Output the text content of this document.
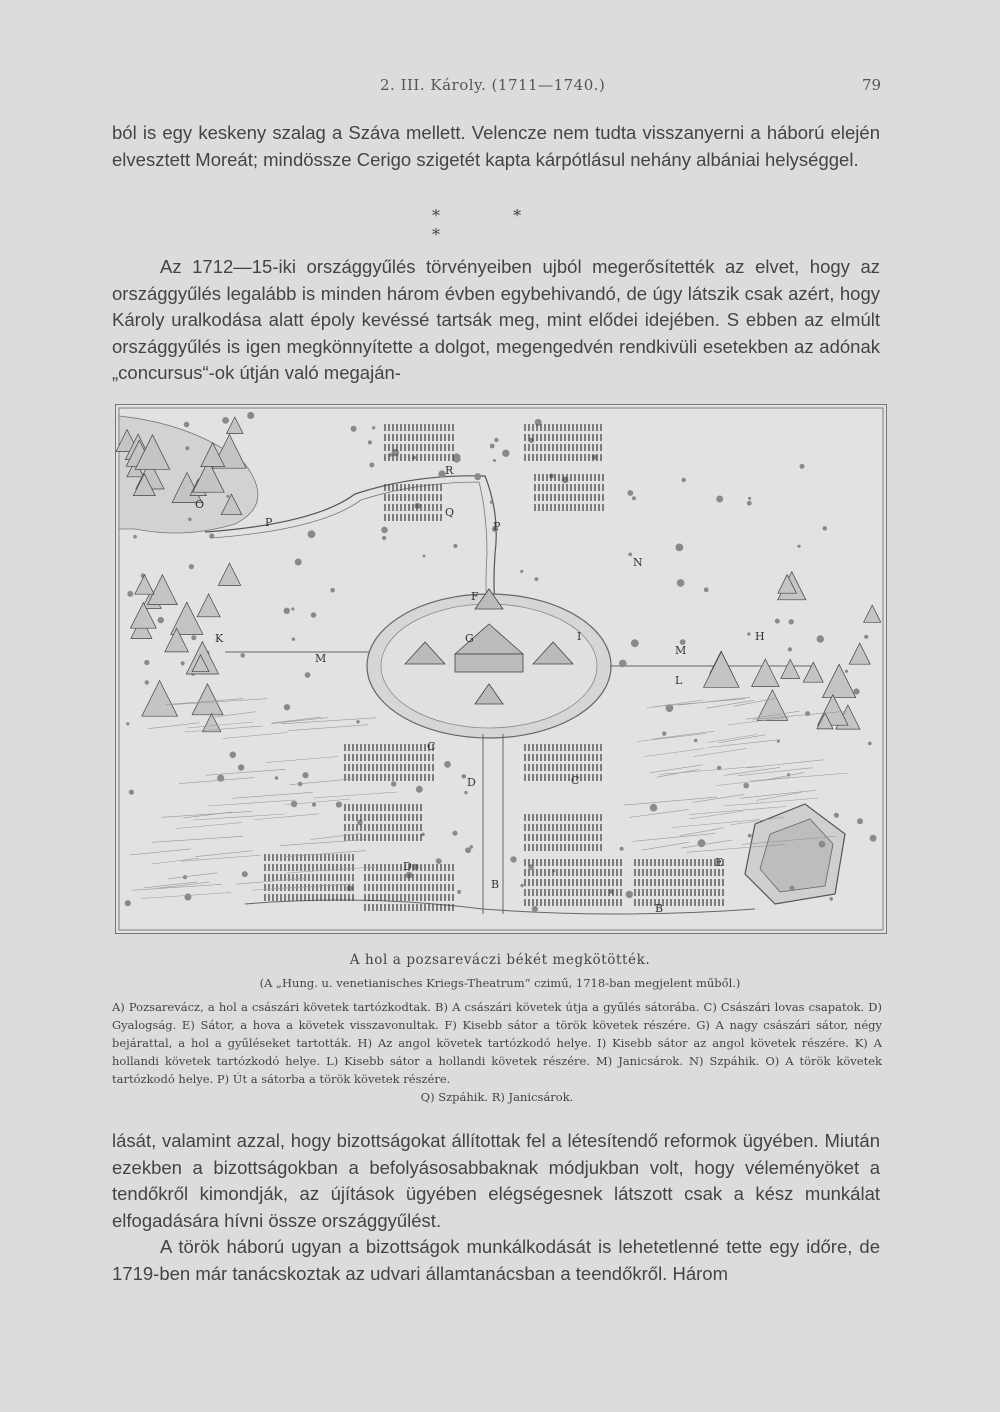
2. III. Károly. (1711—1740.)	79

ból is egy keskeny szalag a Száva mellett. Velencze nem tudta visszanyerni a háború elején elvesztett Moreát; mindössze Cerigo szigetét kapta kárpótlásul nehány albániai helységgel.

* * *

Az 1712—15-iki országgyűlés törvényeiben ujból megerősítették az elvet, hogy az országgyűlés legalább is minden három évben egybehivandó, de úgy látszik csak azért, hogy Károly uralkodása alatt époly kevéssé tartsák meg, mint elődei idejében. S ebben az elmúlt országgyűlés is igen megkönnyítette a dolgot, megengedvén rendkivüli esetekben az adónak „concursus“-ok útján való megaján-

P	P
N
F
G	I
K
M
H
M
C
C
D
D
B
B
O
R
Q
E
L
A hol a pozsareváczi békét megkötötték.
(A „Hung. u. venetianisches Kriegs-Theatrum“ czimű, 1718-ban megjelent műből.)
A) Pozsarevácz, a hol a császári követek tartózkodtak. B) A császári követek útja a gyűlés sátorába. C) Császári lovas csapatok. D) Gyalogság. E) Sátor, a hova a követek visszavonultak. F) Kisebb sátor a török követek részére. G) A nagy császári sátor, négy bejárattal, a hol a gyűléseket tartották. H) Az angol követek tartózkodó helye. I) Kisebb sátor az angol követek részére. K) A hollandi követek tartózkodó helye. L) Kisebb sátor a hollandi követek részére. M) Janicsárok. N) Szpáhik. O) A török követek tartózkodó helye. P) Út a sátorba a török követek részére.
Q) Szpáhik. R) Janicsárok.

lását, valamint azzal, hogy bizottságokat állítottak fel a létesítendő reformok ügyében. Miután ezekben a bizottságokban a befolyásosabbaknak módjukban volt, hogy véleményöket a tendőkről kimondják, az újítások ügyében elégségesnek látszott csak a kész munkálat elfogadására hívni össze országgyűlést.

A török háború ugyan a bizottságok munkálkodását is lehetetlenné tette egy időre, de 1719-ben már tanácskoztak az udvari államtanácsban a teendőkről. Három
